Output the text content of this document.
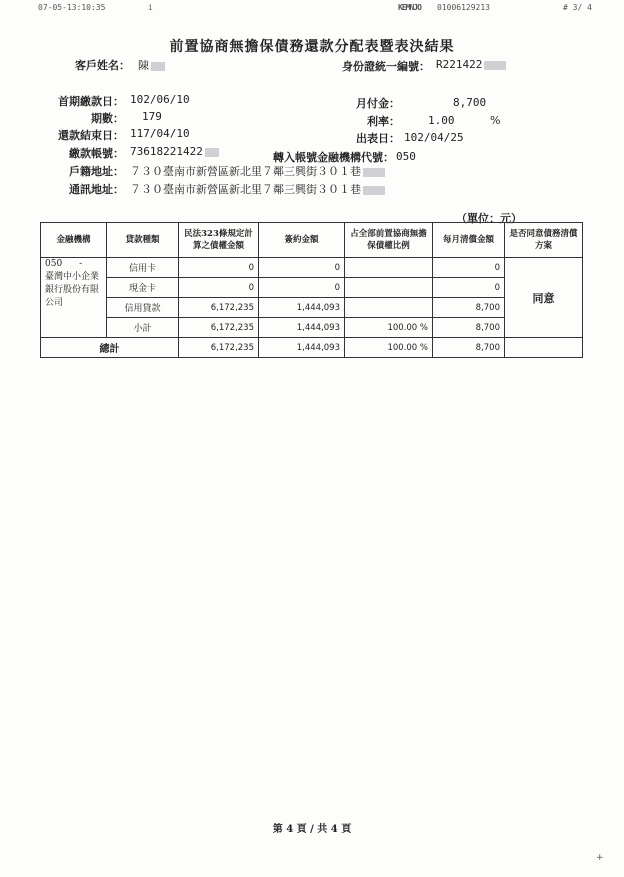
07-05-13:10:35	i	KEMNJO 01006129213	# 3/ 4
前置協商無擔保債務還款分配表暨表決結果
客戶姓名： 陳	身份證統一編號： R221422
首期繳款日： 102/06/10
期數： 179
還款結束日： 117/04/10
繳款帳號： 73618221422
戶籍地址： ７３０臺南市新營區新北里７鄰三興街３０１巷
通訊地址： ７３０臺南市新營區新北里７鄰三興街３０１巷
月付金：	8,700
利率：	1.00	%
出表日： 102/04/25
轉入帳號金融機構代號： 050
（單位：元）
金融機構	貸款種類	民法323條規定計算之債權金額	簽約金額	占全部前置協商無擔保債權比例	每月清償金額	是否同意債務清償方案
050 -
臺灣中小企業銀行股份有限公司	信用卡	0	0		0	同意
	現金卡	0	0		0	
	信用貸款	6,172,235	1,444,093		8,700	
	小計	6,172,235	1,444,093	100.00 %	8,700	
總計		6,172,235	1,444,093	100.00 %	8,700	
第 4 頁 / 共 4 頁
+
